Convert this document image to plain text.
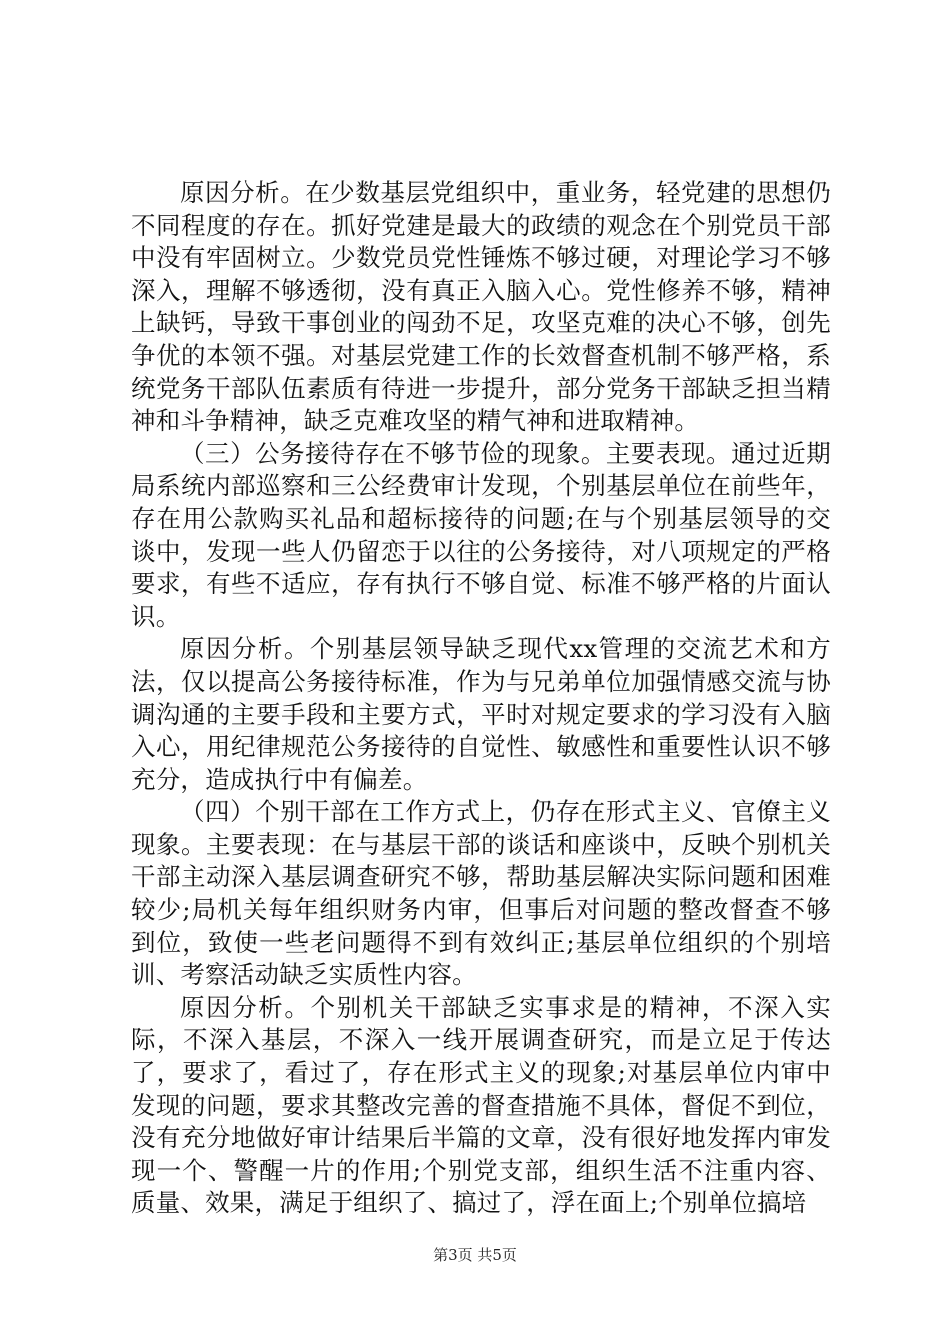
原因分析。在少数基层党组织中，重业务，轻党建的思想仍不同程度的存在。抓好党建是最大的政绩的观念在个别党员干部中没有牢固树立。少数党员党性锤炼不够过硬，对理论学习不够深入，理解不够透彻，没有真正入脑入心。党性修养不够，精神上缺钙，导致干事创业的闯劲不足，攻坚克难的决心不够，创先争优的本领不强。对基层党建工作的长效督查机制不够严格，系统党务干部队伍素质有待进一步提升，部分党务干部缺乏担当精神和斗争精神，缺乏克难攻坚的精气神和进取精神。

（三）公务接待存在不够节俭的现象。主要表现。通过近期局系统内部巡察和三公经费审计发现，个别基层单位在前些年，存在用公款购买礼品和超标接待的问题;在与个别基层领导的交谈中，发现一些人仍留恋于以往的公务接待，对八项规定的严格要求，有些不适应，存有执行不够自觉、标准不够严格的片面认识。

原因分析。个别基层领导缺乏现代xx管理的交流艺术和方法，仅以提高公务接待标准，作为与兄弟单位加强情感交流与协调沟通的主要手段和主要方式，平时对规定要求的学习没有入脑入心，用纪律规范公务接待的自觉性、敏感性和重要性认识不够充分，造成执行中有偏差。

（四）个别干部在工作方式上，仍存在形式主义、官僚主义现象。主要表现：在与基层干部的谈话和座谈中，反映个别机关干部主动深入基层调查研究不够，帮助基层解决实际问题和困难较少;局机关每年组织财务内审，但事后对问题的整改督查不够到位，致使一些老问题得不到有效纠正;基层单位组织的个别培训、考察活动缺乏实质性内容。

原因分析。个别机关干部缺乏实事求是的精神，不深入实际，不深入基层，不深入一线开展调查研究，而是立足于传达了，要求了，看过了，存在形式主义的现象;对基层单位内审中发现的问题，要求其整改完善的督查措施不具体，督促不到位，没有充分地做好审计结果后半篇的文章，没有很好地发挥内审发现一个、警醒一片的作用;个别党支部，组织生活不注重内容、质量、效果，满足于组织了、搞过了，浮在面上;个别单位搞培

第3页 共5页
